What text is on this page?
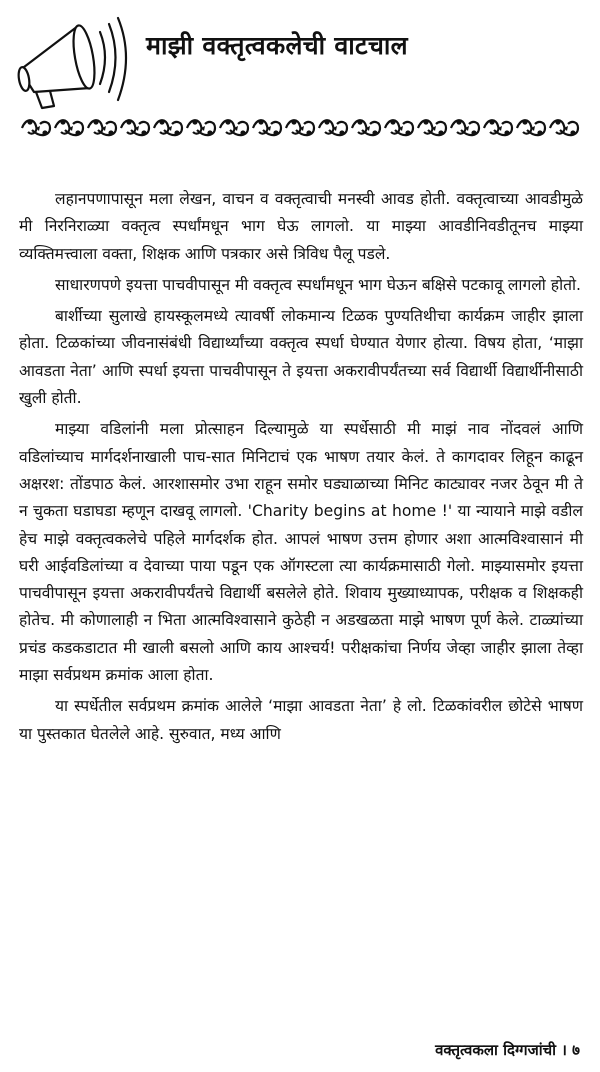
माझी वक्तृत्वकलेची वाटचाल

लहानपणापासून मला लेखन, वाचन व वक्तृत्वाची मनस्वी आवड होती. वक्तृत्वाच्या आवडीमुळे मी निरनिराळ्या वक्तृत्व स्पर्धांमधून भाग घेऊ लागलो. या माझ्या आवडीनिवडीतूनच माझ्या व्यक्तिमत्त्वाला वक्ता, शिक्षक आणि पत्रकार असे त्रिविध पैलू पडले.

साधारणपणे इयत्ता पाचवीपासून मी वक्तृत्व स्पर्धांमधून भाग घेऊन बक्षिसे पटकावू लागलो होतो.

बार्शीच्या सुलाखे हायस्कूलमध्ये त्यावर्षी लोकमान्य टिळक पुण्यतिथीचा कार्यक्रम जाहीर झाला होता. टिळकांच्या जीवनासंबंधी विद्यार्थ्यांच्या वक्तृत्व स्पर्धा घेण्यात येणार होत्या. विषय होता, ‘माझा आवडता नेता’ आणि स्पर्धा इयत्ता पाचवीपासून ते इयत्ता अकरावीपर्यंतच्या सर्व विद्यार्थी विद्यार्थीनीसाठी खुली होती.

माझ्या वडिलांनी मला प्रोत्साहन दिल्यामुळे या स्पर्धेसाठी मी माझं नाव नोंदवलं आणि वडिलांच्याच मार्गदर्शनाखाली पाच-सात मिनिटाचं एक भाषण तयार केलं. ते कागदावर लिहून काढून अक्षरश: तोंडपाठ केलं. आरशासमोर उभा राहून समोर घड्याळाच्या मिनिट काट्यावर नजर ठेवून मी ते न चुकता घडाघडा म्हणून दाखवू लागलो. 'Charity begins at home !' या न्यायाने माझे वडील हेच माझे वक्तृत्वकलेचे पहिले मार्गदर्शक होत. आपलं भाषण उत्तम होणार अशा आत्मविश्वासानं मी घरी आईवडिलांच्या व देवाच्या पाया पडून एक ऑगस्टला त्या कार्यक्रमासाठी गेलो. माझ्यासमोर इयत्ता पाचवीपासून इयत्ता अकरावीपर्यंतचे विद्यार्थी बसलेले होते. शिवाय मुख्याध्यापक, परीक्षक व शिक्षकही होतेच. मी कोणालाही न भिता आत्मविश्वासाने कुठेही न अडखळता माझे भाषण पूर्ण केले. टाळ्यांच्या प्रचंड कडकडाटात मी खाली बसलो आणि काय आश्चर्य! परीक्षकांचा निर्णय जेव्हा जाहीर झाला तेव्हा माझा सर्वप्रथम क्रमांक आला होता.

या स्पर्धेतील सर्वप्रथम क्रमांक आलेले ‘माझा आवडता नेता’ हे लो. टिळकांवरील छोटेसे भाषण या पुस्तकात घेतलेले आहे. सुरुवात, मध्य आणि

वक्तृत्वकला दिग्गजांची । ७
